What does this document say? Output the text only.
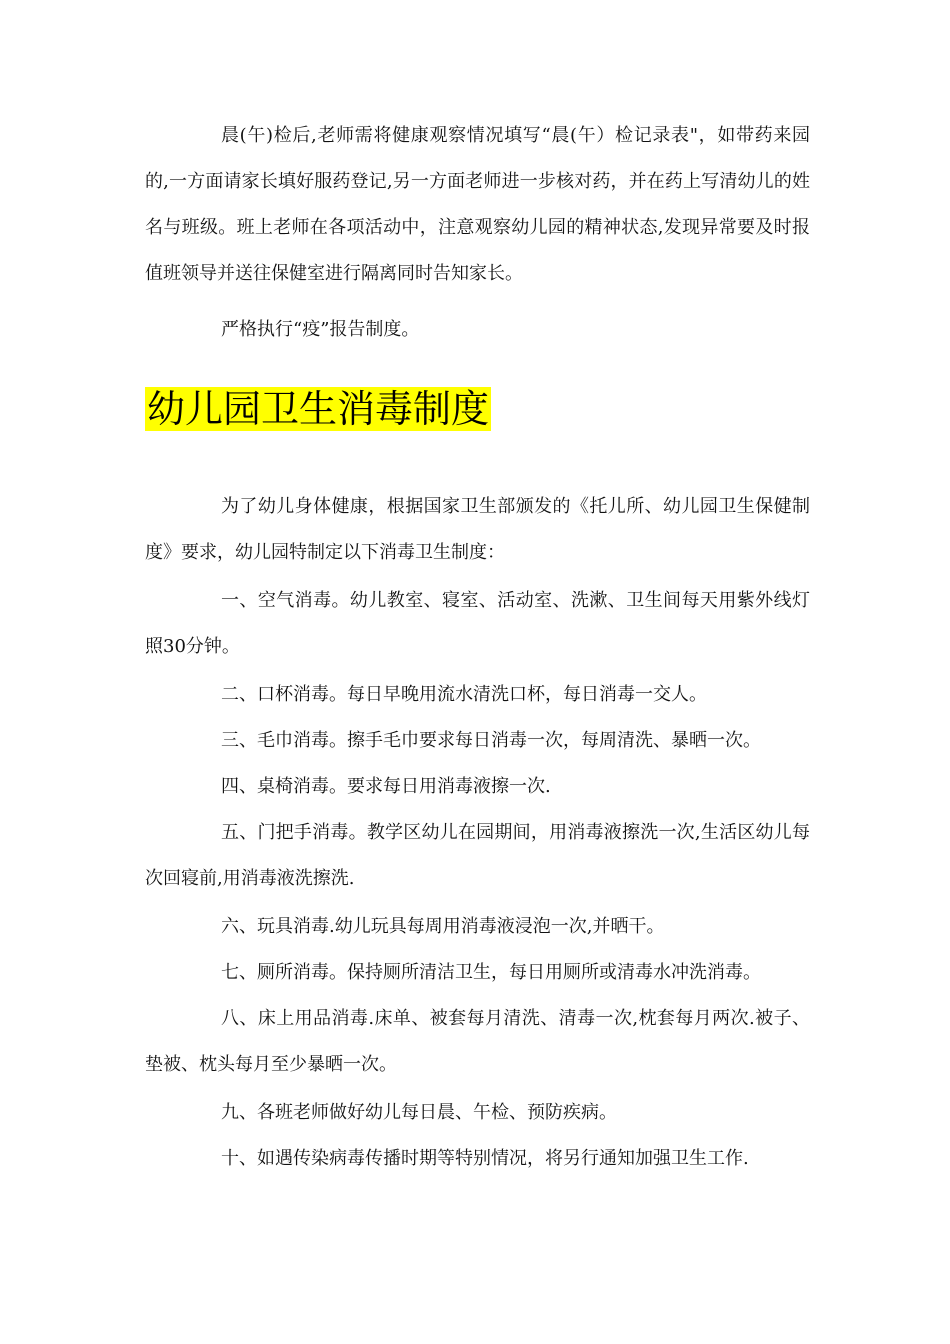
晨(午)检后,老师需将健康观察情况填写“晨(午）检记录表"，如带药来园的,一方面请家长填好服药登记,另一方面老师进一步核对药，并在药上写清幼儿的姓名与班级。班上老师在各项活动中，注意观察幼儿园的精神状态,发现异常要及时报值班领导并送往保健室进行隔离同时告知家长。

严格执行“疫”报告制度。

幼儿园卫生消毒制度

为了幼儿身体健康，根据国家卫生部颁发的《托儿所、幼儿园卫生保健制度》要求，幼儿园特制定以下消毒卫生制度：

一、空气消毒。幼儿教室、寝室、活动室、洗漱、卫生间每天用紫外线灯照30分钟。

二、口杯消毒。每日早晚用流水清洗口杯，每日消毒一交人。

三、毛巾消毒。擦手毛巾要求每日消毒一次，每周清洗、暴晒一次。

四、桌椅消毒。要求每日用消毒液擦一次.

五、门把手消毒。教学区幼儿在园期间，用消毒液擦洗一次,生活区幼儿每次回寝前,用消毒液洗擦洗.

六、玩具消毒.幼儿玩具每周用消毒液浸泡一次,并晒干。

七、厕所消毒。保持厕所清洁卫生，每日用厕所或清毒水冲洗消毒。

八、床上用品消毒.床单、被套每月清洗、清毒一次,枕套每月两次.被子、垫被、枕头每月至少暴晒一次。

九、各班老师做好幼儿每日晨、午检、预防疾病。

十、如遇传染病毒传播时期等特别情况，将另行通知加强卫生工作.
